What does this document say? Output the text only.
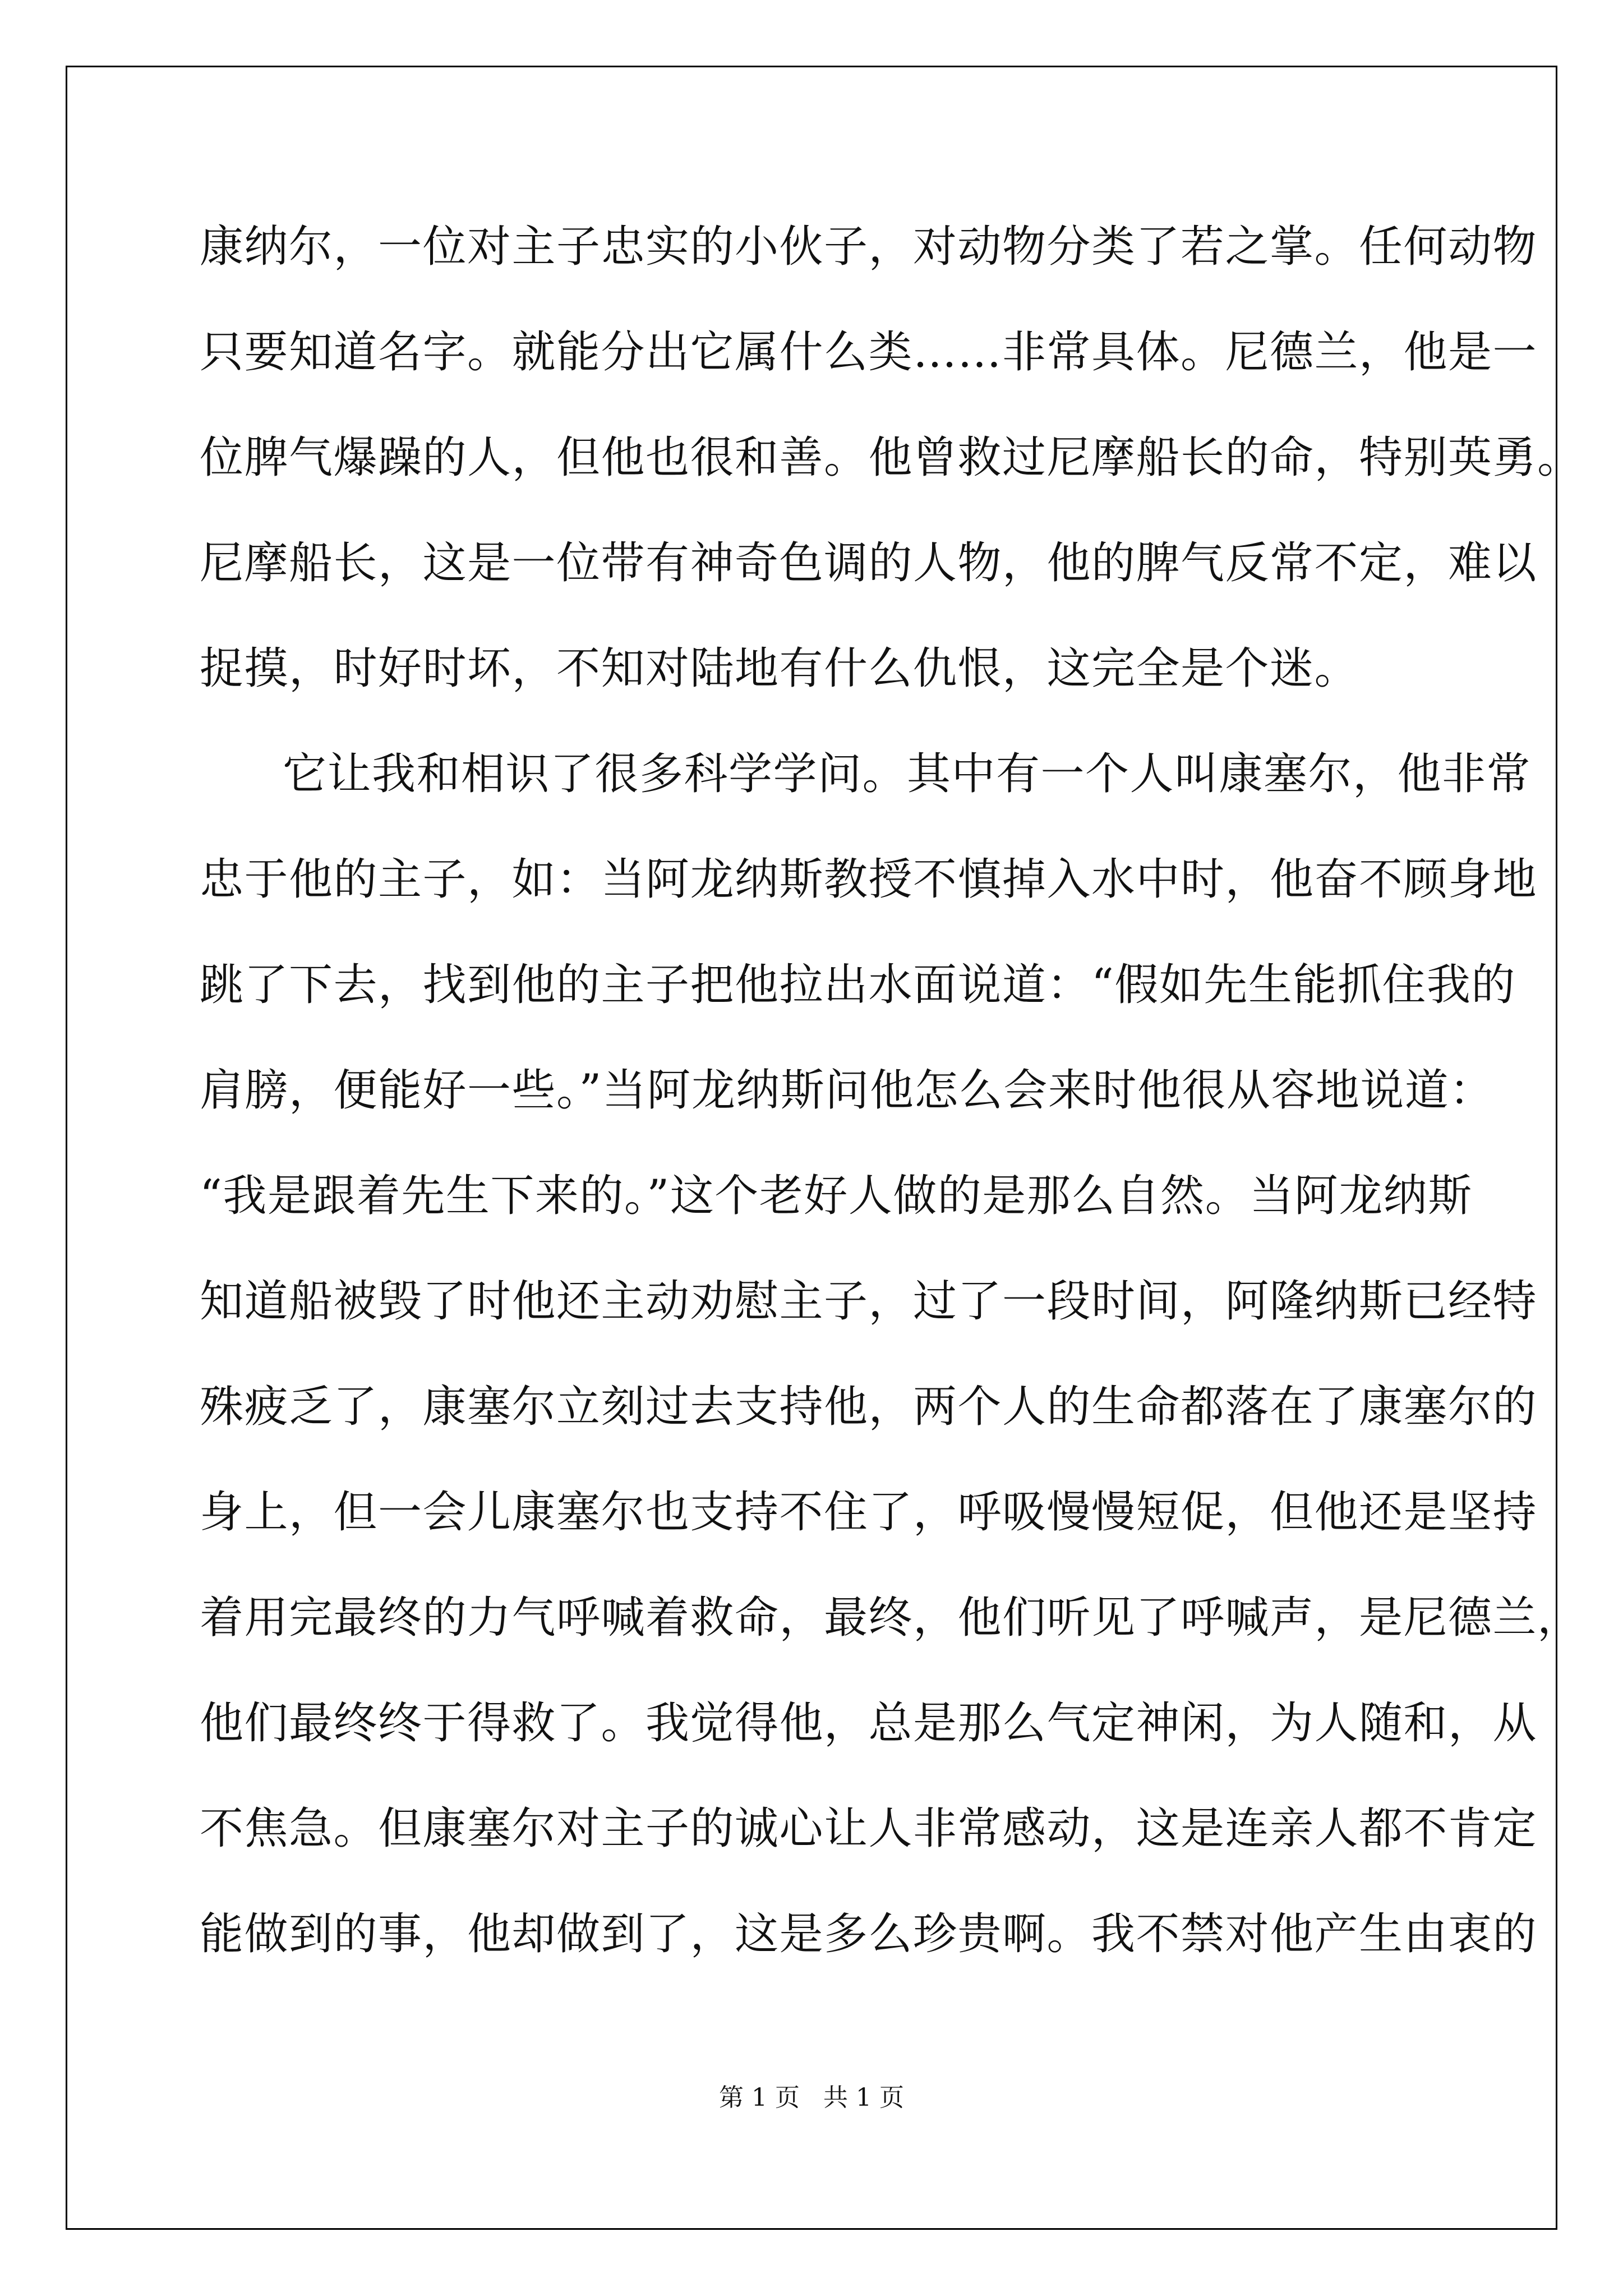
康纳尔，一位对主子忠实的小伙子，对动物分类了若之掌。任何动物
只要知道名字。就能分出它属什么类……非常具体。尼德兰，他是一
位脾气爆躁的人，但他也很和善。他曾救过尼摩船长的命，特别英勇。
尼摩船长，这是一位带有神奇色调的人物，他的脾气反常不定，难以
捉摸，时好时坏，不知对陆地有什么仇恨，这完全是个迷。
它让我和相识了很多科学学问。其中有一个人叫康塞尔，他非常
忠于他的主子，如：当阿龙纳斯教授不慎掉入水中时，他奋不顾身地
跳了下去，找到他的主子把他拉出水面说道：“假如先生能抓住我的
肩膀，便能好一些。”当阿龙纳斯问他怎么会来时他很从容地说道：
“我是跟着先生下来的。”这个老好人做的是那么自然。当阿龙纳斯
知道船被毁了时他还主动劝慰主子，过了一段时间，阿隆纳斯已经特
殊疲乏了，康塞尔立刻过去支持他，两个人的生命都落在了康塞尔的
身上，但一会儿康塞尔也支持不住了，呼吸慢慢短促，但他还是坚持
着用完最终的力气呼喊着救命，最终，他们听见了呼喊声，是尼德兰，
他们最终终于得救了。我觉得他，总是那么气定神闲，为人随和，从
不焦急。但康塞尔对主子的诚心让人非常感动，这是连亲人都不肯定
能做到的事，他却做到了，这是多么珍贵啊。我不禁对他产生由衷的
第 1 页   共 1 页
